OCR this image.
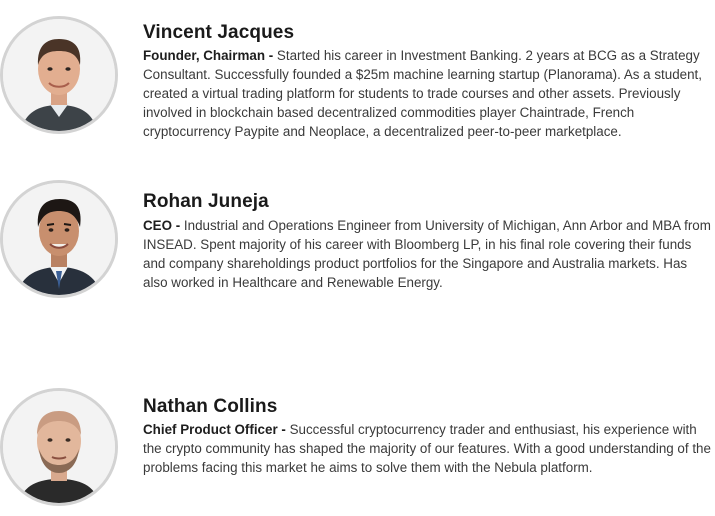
Vincent Jacques
Founder, Chairman - Started his career in Investment Banking. 2 years at BCG as a Strategy Consultant. Successfully founded a $25m machine learning startup (Planorama). As a student, created a virtual trading platform for students to trade courses and other assets. Previously involved in blockchain based decentralized commodities player Chaintrade, French cryptocurrency Paypite and Neoplace, a decentralized peer-to-peer marketplace.
Rohan Juneja
CEO - Industrial and Operations Engineer from University of Michigan, Ann Arbor and MBA from INSEAD. Spent majority of his career with Bloomberg LP, in his final role covering their funds and company shareholdings product portfolios for the Singapore and Australia markets. Has also worked in Healthcare and Renewable Energy.
Nathan Collins
Chief Product Officer - Successful cryptocurrency trader and enthusiast, his experience with the crypto community has shaped the majority of our features. With a good understanding of the problems facing this market he aims to solve them with the Nebula platform.
